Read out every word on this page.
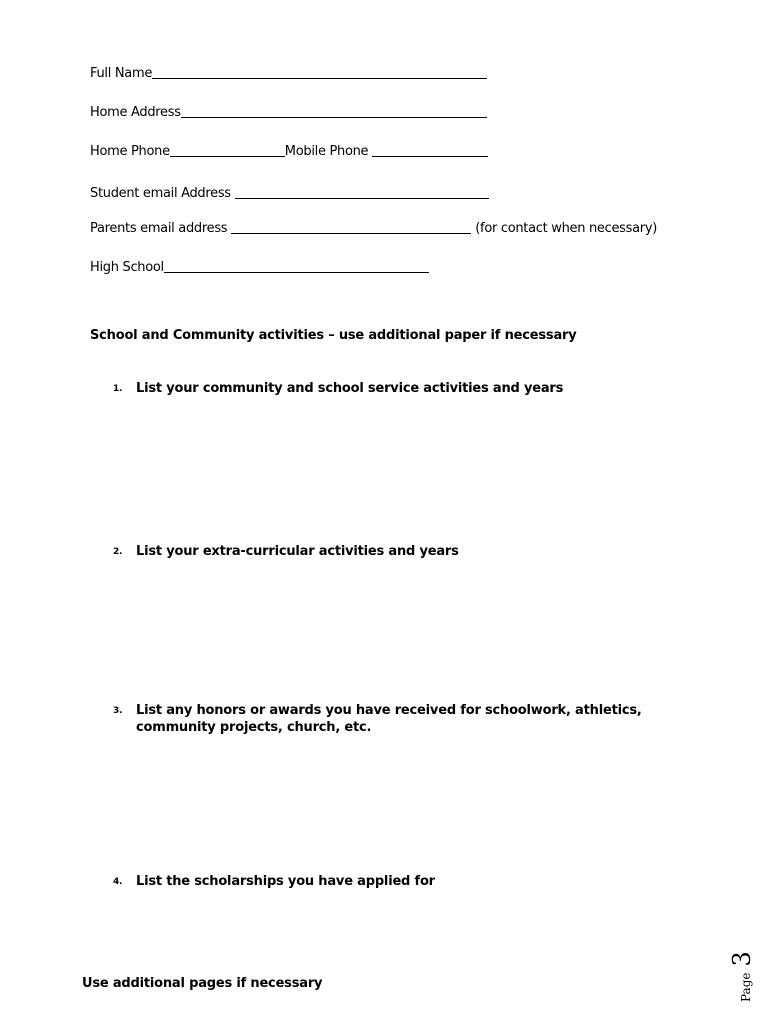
Full Name
Home Address
Home Phone	Mobile Phone
Student email Address
Parents email address	(for contact when necessary)
High School
School and Community activities – use additional paper if necessary
1. List your community and school service activities and years
2. List your extra-curricular activities and years
3. List any honors or awards you have received for schoolwork, athletics, community projects, church, etc.
4. List the scholarships you have applied for
Use additional pages if necessary	Page
3
